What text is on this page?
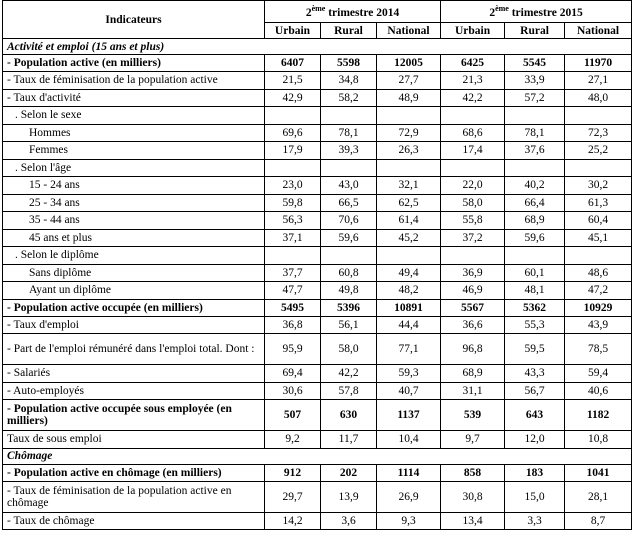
Indicateurs	2ème trimestre 2014			2ème trimestre 2015		
	Urbain	Rural	National	Urbain	Rural	National
Activité et emploi (15 ans et plus)						
- Population active (en milliers)	6407	5598	12005	6425	5545	11970
- Taux de féminisation de la population active	21,5	34,8	27,7	21,3	33,9	27,1
- Taux d'activité	42,9	58,2	48,9	42,2	57,2	48,0
. Selon le sexe						
Hommes	69,6	78,1	72,9	68,6	78,1	72,3
Femmes	17,9	39,3	26,3	17,4	37,6	25,2
. Selon l'âge						
15 - 24 ans	23,0	43,0	32,1	22,0	40,2	30,2
25 - 34 ans	59,8	66,5	62,5	58,0	66,4	61,3
35 - 44 ans	56,3	70,6	61,4	55,8	68,9	60,4
45 ans et plus	37,1	59,6	45,2	37,2	59,6	45,1
. Selon le diplôme						
Sans diplôme	37,7	60,8	49,4	36,9	60,1	48,6
Ayant un diplôme	47,7	49,8	48,2	46,9	48,1	47,2
- Population active occupée (en milliers)	5495	5396	10891	5567	5362	10929
- Taux d'emploi	36,8	56,1	44,4	36,6	55,3	43,9
- Part de l'emploi rémunéré dans l'emploi total. Dont :	95,9	58,0	77,1	96,8	59,5	78,5
- Salariés	69,4	42,2	59,3	68,9	43,3	59,4
- Auto-employés	30,6	57,8	40,7	31,1	56,7	40,6
- Population active occupée sous employée (en milliers)	507	630	1137	539	643	1182
Taux de sous emploi	9,2	11,7	10,4	9,7	12,0	10,8
Chômage						
- Population active en chômage (en milliers)	912	202	1114	858	183	1041
- Taux de féminisation de la population active en chômage	29,7	13,9	26,9	30,8	15,0	28,1
- Taux de chômage	14,2	3,6	9,3	13,4	3,3	8,7
